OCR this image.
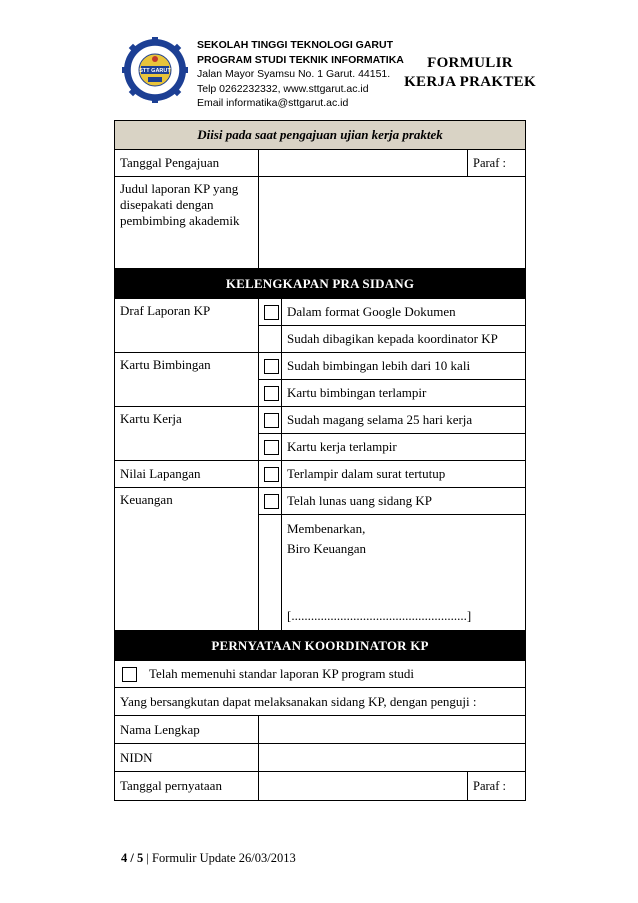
STT GARUT
SEKOLAH TINGGI TEKNOLOGI GARUT
PROGRAM STUDI TEKNIK INFORMATIKA
Jalan Mayor Syamsu No. 1 Garut. 44151.
Telp 0262232332, www.sttgarut.ac.id
Email informatika@sttgarut.ac.id
FORMULIR
KERJA PRAKTEK
Diisi pada saat pengajuan ujian kerja praktek			
Tanggal Pengajuan			Paraf :
Judul laporan KP yang disepakati dengan pembimbing akademik			
KELENGKAPAN PRA SIDANG			
Draf Laporan KP		Dalam format Google Dokumen	
		Sudah dibagikan kepada koordinator KP	
Kartu Bimbingan		Sudah bimbingan lebih dari 10 kali	

		Kartu bimbingan terlampir	
Kartu Kerja		Sudah magang selama 25 hari kerja	

		Kartu kerja terlampir	
Nilai Lapangan		Terlampir dalam surat tertutup	
Keuangan		Telah lunas uang sidang KP	

		Membenarkan,
Biro Keuangan
[......................................................]	

PERNYATAAN KOORDINATOR KP			
Telah memenuhi standar laporan KP program studi			
Yang bersangkutan dapat melaksanakan sidang KP, dengan penguji :			
Nama Lengkap			
NIDN			
Tanggal pernyataan			Paraf :
4 / 5 | Formulir Update 26/03/2013
